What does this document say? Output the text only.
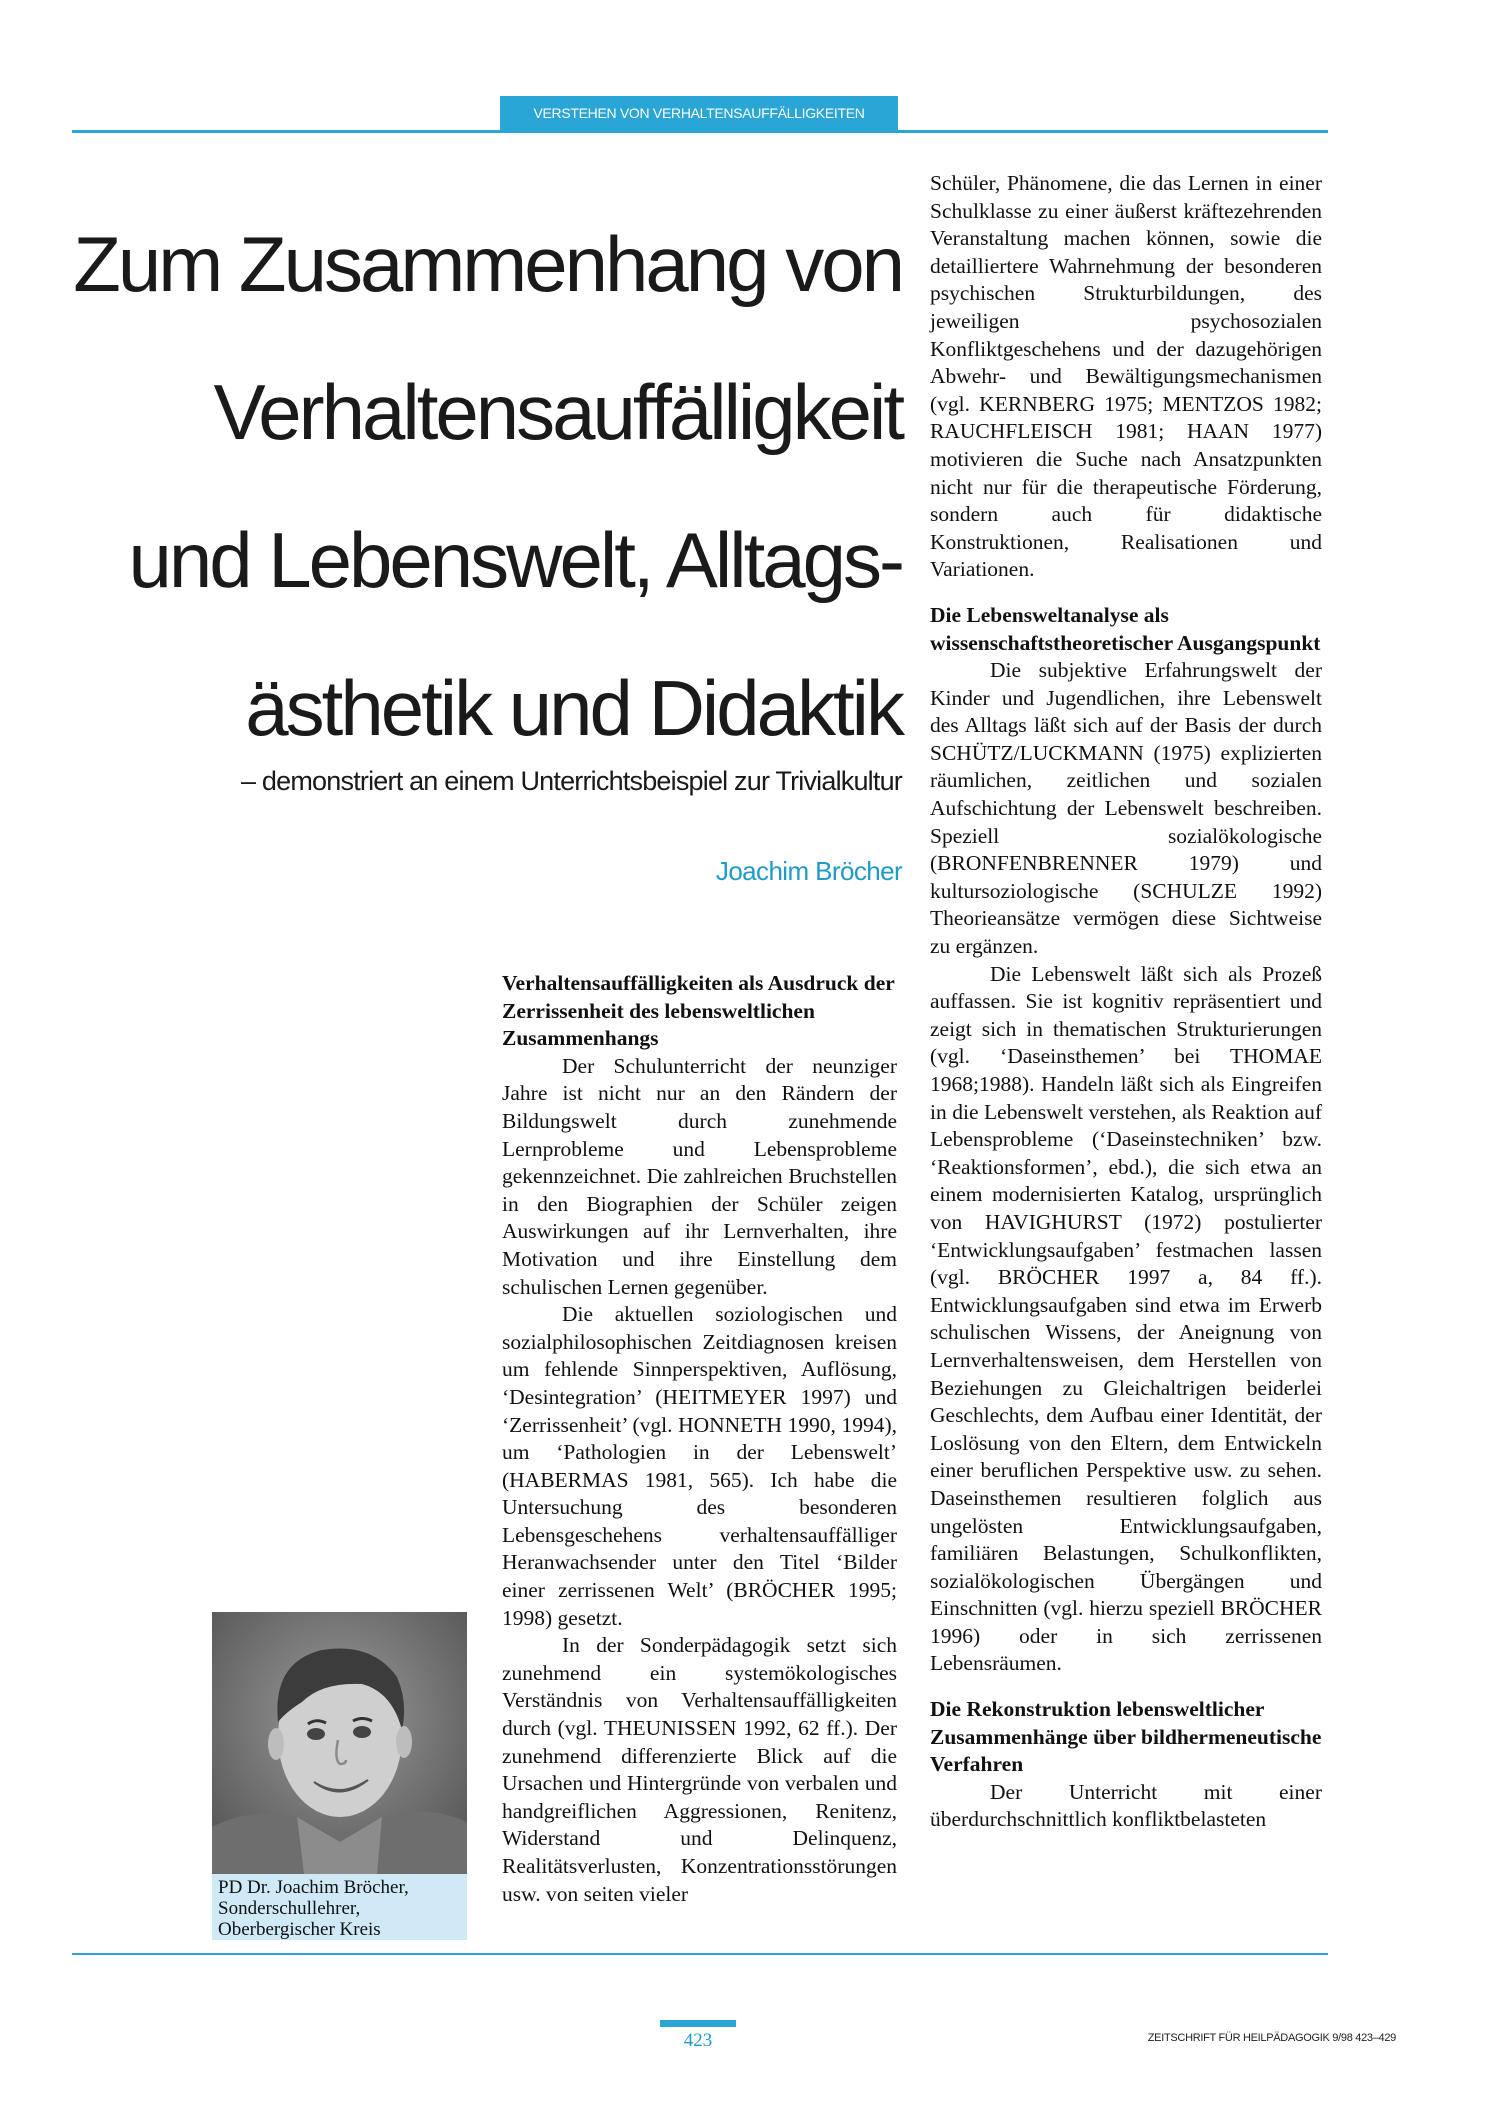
VERSTEHEN VON VERHALTENSAUFFÄLLIGKEITEN
Zum Zusammenhang von
Verhaltensauffälligkeit
und Lebenswelt, Alltags-
ästhetik und Didaktik
– demonstriert an einem Unterrichtsbeispiel zur Trivialkultur
Joachim Bröcher
PD Dr. Joachim Bröcher,
Sonderschullehrer,
Oberbergischer Kreis
Verhaltensauffälligkeiten als Ausdruck der Zerrissenheit des lebensweltlichen Zusammenhangs

Der Schulunterricht der neunziger Jahre ist nicht nur an den Rändern der Bildungswelt durch zunehmende Lernprobleme und Lebensprobleme gekennzeichnet. Die zahlreichen Bruchstellen in den Biographien der Schüler zeigen Auswirkungen auf ihr Lernverhalten, ihre Motivation und ihre Einstellung dem schulischen Lernen gegenüber.

Die aktuellen soziologischen und sozialphilosophischen Zeitdiagnosen kreisen um fehlende Sinnperspektiven, Auflösung, ‘Desintegration’ (HEITMEYER 1997) und ‘Zerrissenheit’ (vgl. HONNETH 1990, 1994), um ‘Pathologien in der Lebenswelt’ (HABERMAS 1981, 565). Ich habe die Untersuchung des besonderen Lebensgeschehens verhaltensauffälliger Heranwachsender unter den Titel ‘Bilder einer zerrissenen Welt’ (BRÖCHER 1995; 1998) gesetzt.

In der Sonderpädagogik setzt sich zunehmend ein systemökologisches Verständnis von Verhaltensauffälligkeiten durch (vgl. THEUNISSEN 1992, 62 ff.). Der zunehmend differenzierte Blick auf die Ursachen und Hintergründe von verbalen und handgreiflichen Aggressionen, Renitenz, Widerstand und Delinquenz, Realitätsverlusten, Konzentrationsstörungen usw. von seiten vieler

Schüler, Phänomene, die das Lernen in einer Schulklasse zu einer äußerst kräftezehrenden Veranstaltung machen können, sowie die detailliertere Wahrnehmung der besonderen psychischen Strukturbildungen, des jeweiligen psychosozialen Konfliktgeschehens und der dazugehörigen Abwehr- und Bewältigungsmechanismen (vgl. KERNBERG 1975; MENTZOS 1982; RAUCHFLEISCH 1981; HAAN 1977) motivieren die Suche nach Ansatzpunkten nicht nur für die therapeutische Förderung, sondern auch für didaktische Konstruktionen, Realisationen und Variationen.

Die Lebensweltanalyse als wissenschaftstheoretischer Ausgangspunkt

Die subjektive Erfahrungswelt der Kinder und Jugendlichen, ihre Lebenswelt des Alltags läßt sich auf der Basis der durch SCHÜTZ/LUCKMANN (1975) explizierten räumlichen, zeitlichen und sozialen Aufschichtung der Lebenswelt beschreiben. Speziell sozialökologische (BRONFENBRENNER 1979) und kultursoziologische (SCHULZE 1992) Theorieansätze vermögen diese Sichtweise zu ergänzen.

Die Lebenswelt läßt sich als Prozeß auffassen. Sie ist kognitiv repräsentiert und zeigt sich in thematischen Strukturierungen (vgl. ‘Daseinsthemen’ bei THOMAE 1968;1988). Handeln läßt sich als Eingreifen in die Lebenswelt verstehen, als Reaktion auf Lebensprobleme (‘Daseinstechniken’ bzw. ‘Reaktionsformen’, ebd.), die sich etwa an einem modernisierten Katalog, ursprünglich von HAVIGHURST (1972) postulierter ‘Entwicklungsaufgaben’ festmachen lassen (vgl. BRÖCHER 1997 a, 84 ff.). Entwicklungsaufgaben sind etwa im Erwerb schulischen Wissens, der Aneignung von Lernverhaltensweisen, dem Herstellen von Beziehungen zu Gleichaltrigen beiderlei Geschlechts, dem Aufbau einer Identität, der Loslösung von den Eltern, dem Entwickeln einer beruflichen Perspektive usw. zu sehen. Daseinsthemen resultieren folglich aus ungelösten Entwicklungsaufgaben, familiären Belastungen, Schulkonflikten, sozialökologischen Übergängen und Einschnitten (vgl. hierzu speziell BRÖCHER 1996) oder in sich zerrissenen Lebensräumen.

Die Rekonstruktion lebensweltlicher Zusammenhänge über bildhermeneutische Verfahren

Der Unterricht mit einer überdurchschnittlich konfliktbelasteten

423	ZEITSCHRIFT FÜR HEILPÄDAGOGIK 9/98 423–429
